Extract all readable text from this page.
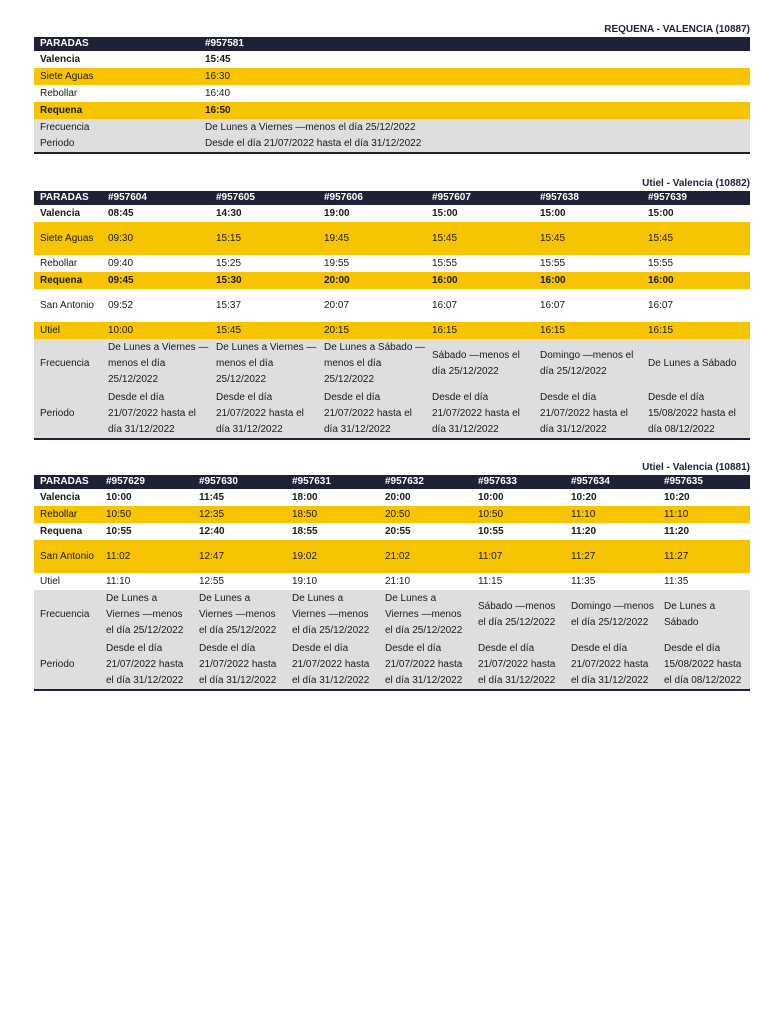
REQUENA - VALENCIA (10887)
PARADAS	#957581
Valencia	15:45
Siete Aguas	16:30
Rebollar	16:40
Requena	16:50
Frecuencia	De Lunes a Viernes —menos el día 25/12/2022
Periodo	Desde el día 21/07/2022 hasta el día 31/12/2022
Utiel - Valencia (10882)
PARADAS	#957604	#957605	#957606	#957607	#957638	#957639
Valencia	08:45	14:30	19:00	15:00	15:00	15:00
Siete Aguas	09:30	15:15	19:45	15:45	15:45	15:45
Rebollar	09:40	15:25	19:55	15:55	15:55	15:55
Requena	09:45	15:30	20:00	16:00	16:00	16:00
San Antonio	09:52	15:37	20:07	16:07	16:07	16:07
Utiel	10:00	15:45	20:15	16:15	16:15	16:15
Frecuencia	De Lunes a Viernes —menos el día 25/12/2022	De Lunes a Viernes —menos el día 25/12/2022	De Lunes a Sábado —menos el día 25/12/2022	Sábado —menos el día 25/12/2022	Domingo —menos el día 25/12/2022	De Lunes a Sábado
Periodo	Desde el día 21/07/2022 hasta el día 31/12/2022	Desde el día 21/07/2022 hasta el día 31/12/2022	Desde el día 21/07/2022 hasta el día 31/12/2022	Desde el día 21/07/2022 hasta el día 31/12/2022	Desde el día 21/07/2022 hasta el día 31/12/2022	Desde el día 15/08/2022 hasta el día 08/12/2022
Utiel - Valencia (10881)
PARADAS	#957629	#957630	#957631	#957632	#957633	#957634	#957635
Valencia	10:00	11:45	18:00	20:00	10:00	10:20	10:20
Rebollar	10:50	12:35	18:50	20:50	10:50	11:10	11:10
Requena	10:55	12:40	18:55	20:55	10:55	11:20	11:20
San Antonio	11:02	12:47	19:02	21:02	11:07	11:27	11:27
Utiel	11:10	12:55	19:10	21:10	11:15	11:35	11:35
Frecuencia	De Lunes a Viernes —menos el día 25/12/2022	De Lunes a Viernes —menos el día 25/12/2022	De Lunes a Viernes —menos el día 25/12/2022	De Lunes a Viernes —menos el día 25/12/2022	Sábado —menos el día 25/12/2022	Domingo —menos el día 25/12/2022	De Lunes a Sábado
Periodo	Desde el día 21/07/2022 hasta el día 31/12/2022	Desde el día 21/07/2022 hasta el día 31/12/2022	Desde el día 21/07/2022 hasta el día 31/12/2022	Desde el día 21/07/2022 hasta el día 31/12/2022	Desde el día 21/07/2022 hasta el día 31/12/2022	Desde el día 21/07/2022 hasta el día 31/12/2022	Desde el día 15/08/2022 hasta el día 08/12/2022
